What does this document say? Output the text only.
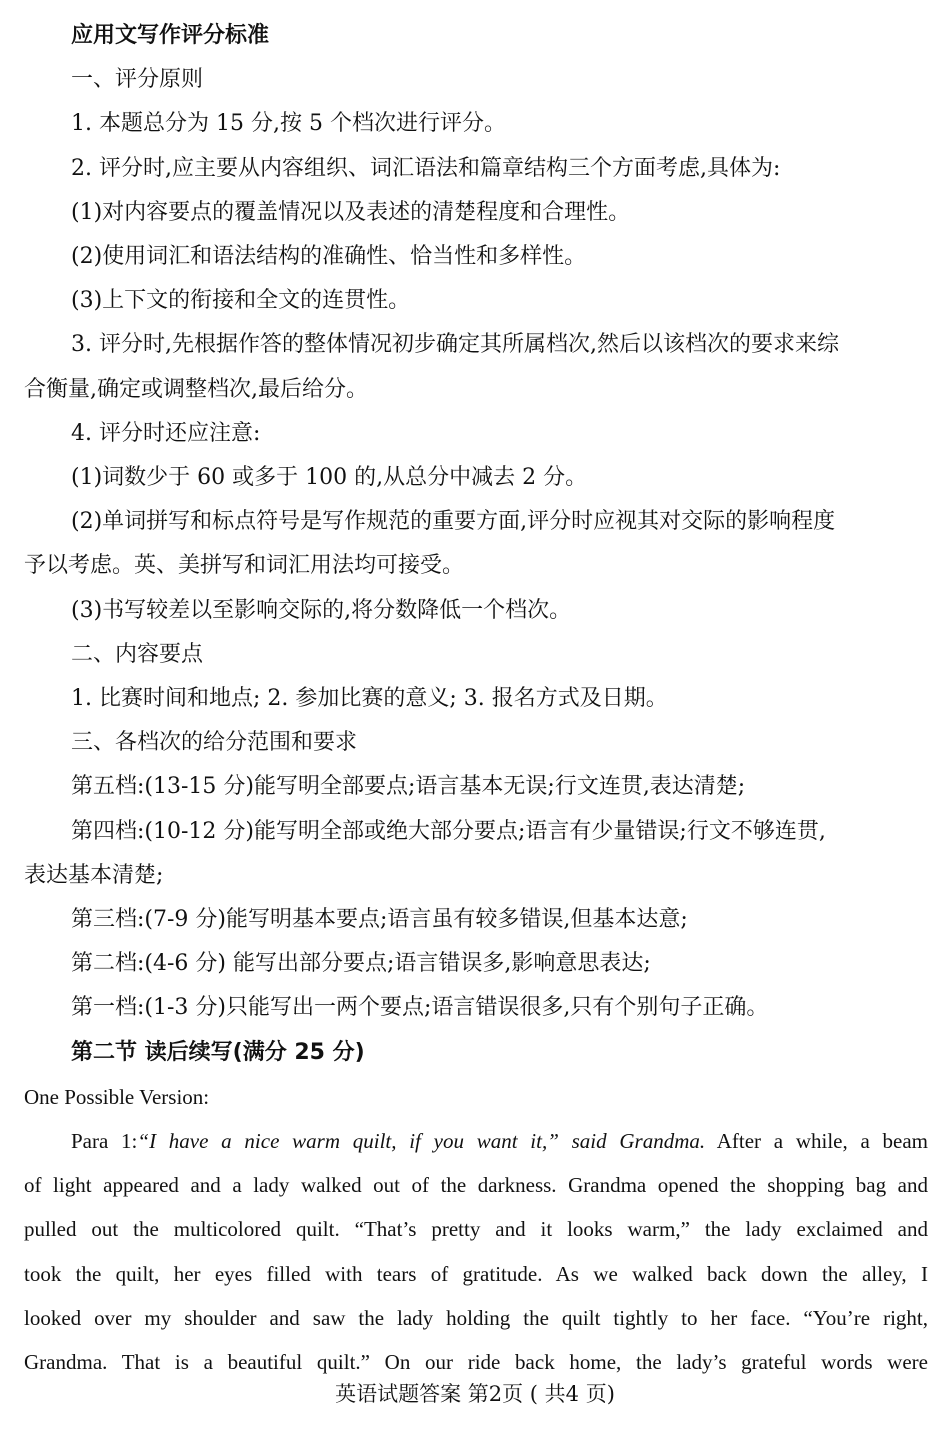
应用文写作评分标准
一、评分原则
1. 本题总分为 15 分,按 5 个档次进行评分。
2. 评分时,应主要从内容组织、词汇语法和篇章结构三个方面考虑,具体为:
(1)对内容要点的覆盖情况以及表述的清楚程度和合理性。
(2)使用词汇和语法结构的准确性、恰当性和多样性。
(3)上下文的衔接和全文的连贯性。
3. 评分时,先根据作答的整体情况初步确定其所属档次,然后以该档次的要求来综
合衡量,确定或调整档次,最后给分。
4. 评分时还应注意:
(1)词数少于 60 或多于 100 的,从总分中减去 2 分。
(2)单词拼写和标点符号是写作规范的重要方面,评分时应视其对交际的影响程度
予以考虑。英、美拼写和词汇用法均可接受。
(3)书写较差以至影响交际的,将分数降低一个档次。
二、内容要点
1. 比赛时间和地点; 2. 参加比赛的意义; 3. 报名方式及日期。
三、各档次的给分范围和要求
第五档:(13-15 分)能写明全部要点;语言基本无误;行文连贯,表达清楚;
第四档:(10-12 分)能写明全部或绝大部分要点;语言有少量错误;行文不够连贯,
表达基本清楚;
第三档:(7-9 分)能写明基本要点;语言虽有较多错误,但基本达意;
第二档:(4-6 分) 能写出部分要点;语言错误多,影响意思表达;
第一档:(1-3 分)只能写出一两个要点;语言错误很多,只有个别句子正确。
第二节 读后续写(满分 25 分)
One Possible Version:
Para 1:“I have a nice warm quilt, if you want it,” said Grandma. After a while, a beam
of light appeared and a lady walked out of the darkness. Grandma opened the shopping bag and
pulled out the multicolored quilt. “That’s pretty and it looks warm,” the lady exclaimed and
took the quilt, her eyes filled with tears of gratitude. As we walked back down the alley, I
looked over my shoulder and saw the lady holding the quilt tightly to her face. “You’re right,
Grandma. That is a beautiful quilt.” On our ride back home, the lady’s grateful words were
英语试题答案 第2页 ( 共4 页)
